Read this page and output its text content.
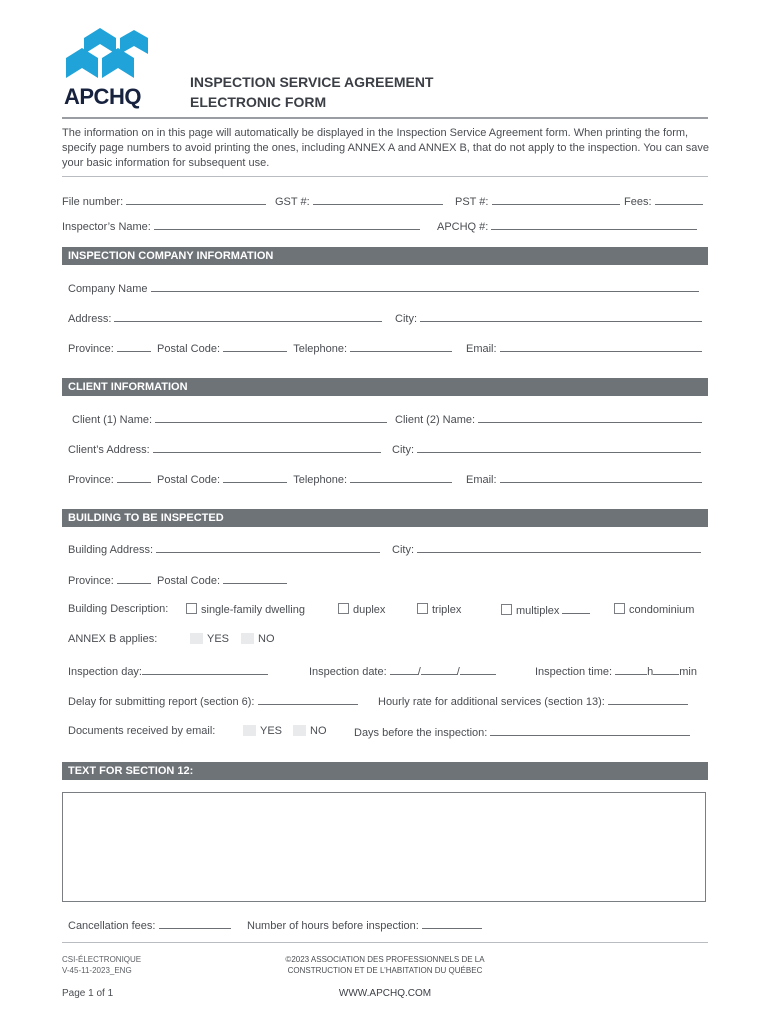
APCHQ
INSPECTION SERVICE AGREEMENT
ELECTRONIC FORM
The information on in this page will automatically be displayed in the Inspection Service Agreement form. When printing the form, specify page numbers to avoid printing the ones, including ANNEX A and ANNEX B, that do not apply to the inspection. You can save your basic information for subsequent use.
File number:	GST #:	PST #:	Fees:
Inspector’s Name:	APCHQ #:
INSPECTION COMPANY INFORMATION
Company Name
Address:	City:
Province:	Postal Code:	Telephone:	Email:
CLIENT INFORMATION
Client (1) Name:	Client (2) Name:
Client’s Address:	City:
Province:	Postal Code:	Telephone:	Email:
BUILDING TO BE INSPECTED
Building Address:	City:
Province:	Postal Code:
Building Description:	single-family dwelling	duplex	triplex	multiplex	condominium
ANNEX B applies:	YES	NO
Inspection day:	Inspection date:	/	/	Inspection time:	h min
Delay for submitting report (section 6):	Hourly rate for additional services (section 13):
Documents received by email:	YES	NO	Days before the inspection:
TEXT FOR SECTION 12:
Cancellation fees:	Number of hours before inspection:
CSI-ÉLECTRONIQUE
V-45-11-2023_ENG
©2023 ASSOCIATION DES PROFESSIONNELS DE LA
CONSTRUCTION ET DE L’HABITATION DU QUÉBEC
Page 1 of 1	WWW.APCHQ.COM
